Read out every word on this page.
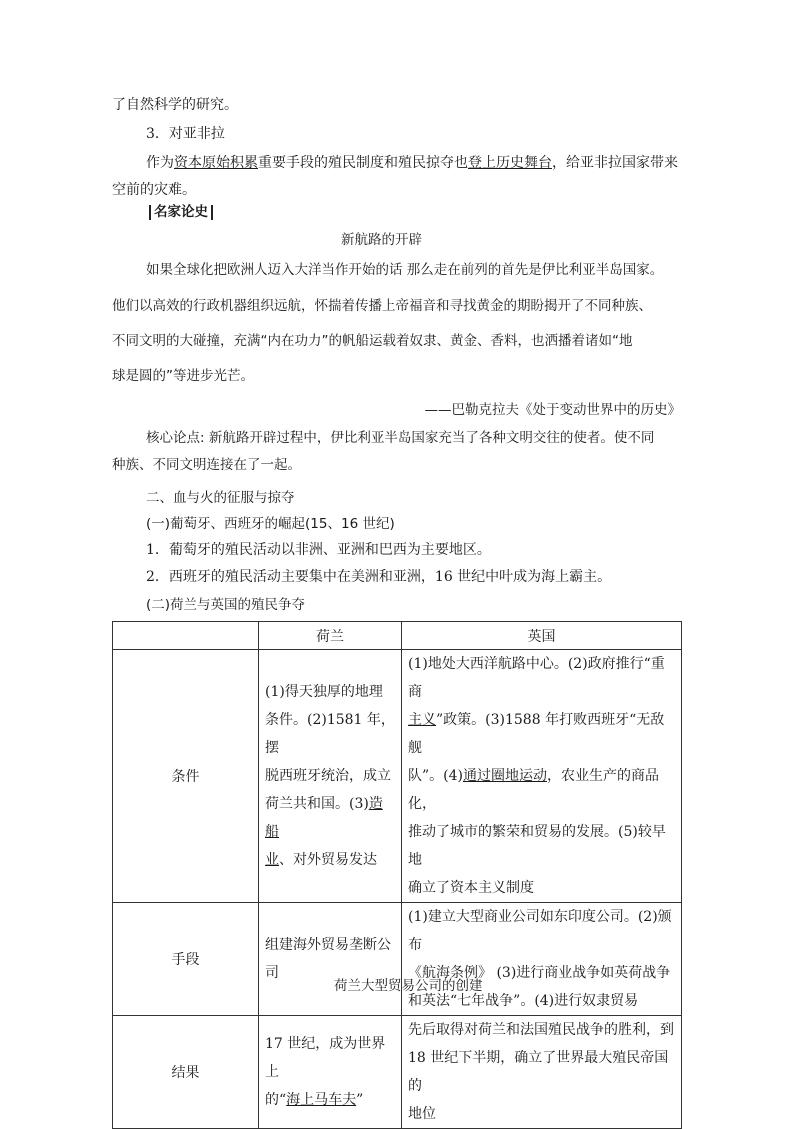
了自然科学的研究。
3．对亚非拉
作为资本原始积累重要手段的殖民制度和殖民掠夺也登上历史舞台，给亚非拉国家带来
空前的灾难。
名家论史
新航路的开辟
如果全球化把欧洲人迈入大洋当作开始的话 那么走在前列的首先是伊比利亚半岛国家。
他们以高效的行政机器组织远航，怀揣着传播上帝福音和寻找黄金的期盼揭开了不同种族、
不同文明的大碰撞，充满“内在功力”的帆船运载着奴隶、黄金、香料，也洒播着诸如“地
球是圆的”等进步光芒。
——巴勒克拉夫《处于变动世界中的历史》
核心论点: 新航路开辟过程中，伊比利亚半岛国家充当了各种文明交往的使者。使不同
种族、不同文明连接在了一起。
二、血与火的征服与掠夺
(一)葡萄牙、西班牙的崛起(15、16 世纪)
1．葡萄牙的殖民活动以非洲、亚洲和巴西为主要地区。
2．西班牙的殖民活动主要集中在美洲和亚洲，16 世纪中叶成为海上霸主。
(二)荷兰与英国的殖民争夺
	荷兰	英国
条件	(1)得天独厚的地理
条件。(2)1581 年，摆
脱西班牙统治，成立
荷兰共和国。(3)造船
业、对外贸易发达	(1)地处大西洋航路中心。(2)政府推行“重商
主义”政策。(3)1588 年打败西班牙“无敌舰
队”。(4)通过圈地运动，农业生产的商品化，
推动了城市的繁荣和贸易的发展。(5)较早地
确立了资本主义制度
手段	组建海外贸易垄断公
司	(1)建立大型商业公司如东印度公司。(2)颁布
《航海条例》 (3)进行商业战争如英荷战争
和英法“七年战争”。(4)进行奴隶贸易
结果	17 世纪，成为世界上
的“海上马车夫”	先后取得对荷兰和法国殖民战争的胜利，到
18 世纪下半期，确立了世界最大殖民帝国的
地位
荷兰大型贸易公司的创建
